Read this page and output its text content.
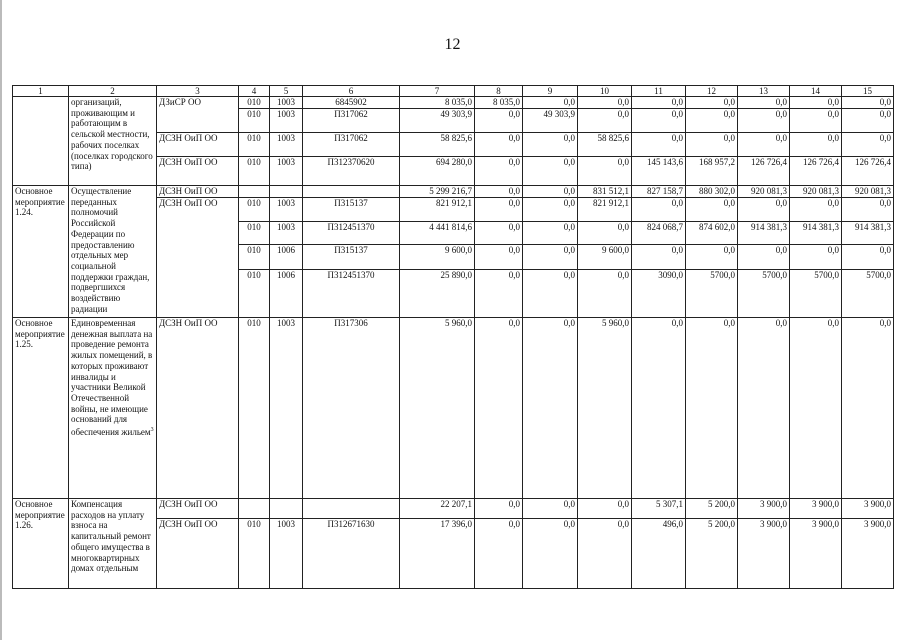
12
1	2	3	4	5	6	7	8	9	10	11	12	13	14	15
	организаций, проживающим и работающим в сельской местности, рабочих поселках (поселках городского типа)	ДЗиСР ОО	010	1003	6845902	8 035,0	8 035,0	0,0	0,0	0,0	0,0	0,0	0,0	0,0
			010	1003	П317062	49 303,9	0,0	49 303,9	0,0	0,0	0,0	0,0	0,0	0,0
		ДСЗН ОиП ОО	010	1003	П317062	58 825,6	0,0	0,0	58 825,6	0,0	0,0	0,0	0,0	0,0
		ДСЗН ОиП ОО	010	1003	П312370620	694 280,0	0,0	0,0	0,0	145 143,6	168 957,2	126 726,4	126 726,4	126 726,4
Основное мероприятие 1.24.	Осуществление переданных полномочий Российской Федерации по предоставлению отдельных мер социальной поддержки граждан, подвергшихся воздействию радиации	ДСЗН ОиП ОО				5 299 216,7	0,0	0,0	831 512,1	827 158,7	880 302,0	920 081,3	920 081,3	920 081,3
		ДСЗН ОиП ОО	010	1003	П315137	821 912,1	0,0	0,0	821 912,1	0,0	0,0	0,0	0,0	0,0
			010	1003	П312451370	4 441 814,6	0,0	0,0	0,0	824 068,7	874 602,0	914 381,3	914 381,3	914 381,3
			010	1006	П315137	9 600,0	0,0	0,0	9 600,0	0,0	0,0	0,0	0,0	0,0
			010	1006	П312451370	25 890,0	0,0	0,0	0,0	3090,0	5700,0	5700,0	5700,0	5700,0
Основное мероприятие 1.25.	Единовременная денежная выплата на проведение ремонта жилых помещений, в которых проживают инвалиды и участники Великой Отечественной войны, не имеющие оснований для обеспечения жильем$^3$	ДСЗН ОиП ОО	010	1003	П317306	5 960,0	0,0	0,0	5 960,0	0,0	0,0	0,0	0,0	0,0
Основное мероприятие 1.26.	Компенсация расходов на уплату взноса на капитальный ремонт общего имущества в многоквартирных домах отдельным	ДСЗН ОиП ОО				22 207,1	0,0	0,0	0,0	5 307,1	5 200,0	3 900,0	3 900,0	3 900,0
		ДСЗН ОиП ОО	010	1003	П312671630	17 396,0	0,0	0,0	0,0	496,0	5 200,0	3 900,0	3 900,0	3 900,0
